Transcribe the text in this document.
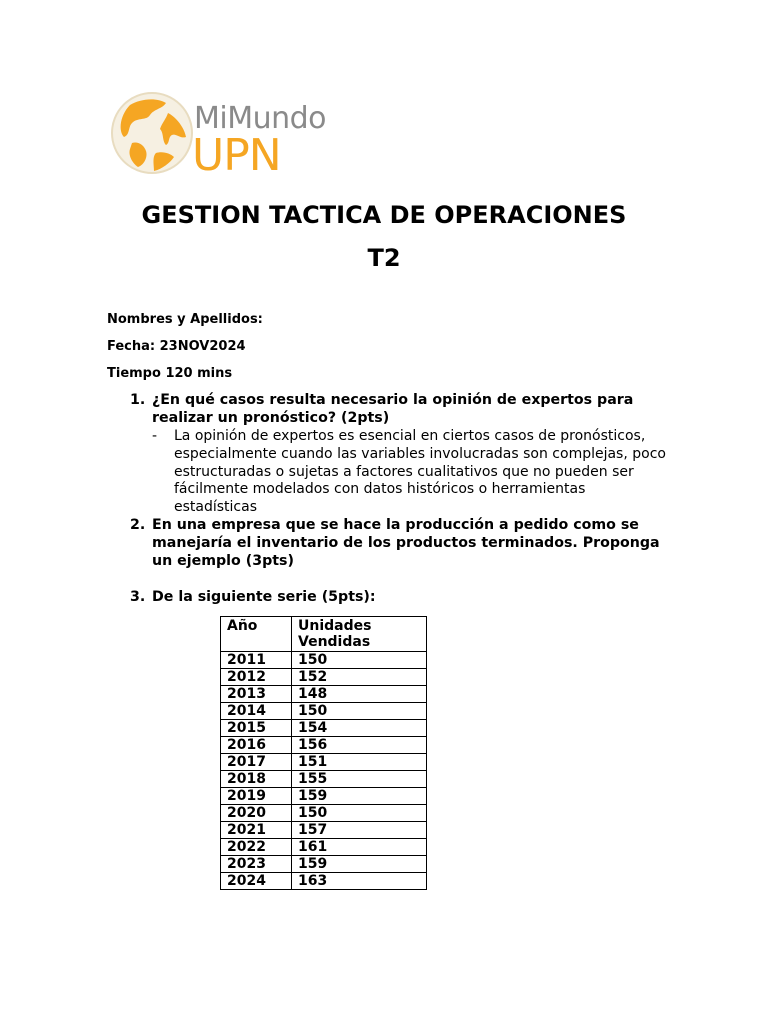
MiMundo
UPN
GESTION TACTICA DE OPERACIONES
T2
Nombres y Apellidos:
Fecha: 23NOV2024
Tiempo 120 mins
1. ¿En qué casos resulta necesario la opinión de expertos para
realizar un pronóstico? (2pts)
- La opinión de expertos es esencial en ciertos casos de pronósticos,
especialmente cuando las variables involucradas son complejas, poco
estructuradas o sujetas a factores cualitativos que no pueden ser
fácilmente modelados con datos históricos o herramientas
estadísticas
2. En una empresa que se hace la producción a pedido como se
manejaría el inventario de los productos terminados. Proponga
un ejemplo (3pts)
3. De la siguiente serie (5pts):
Año	Unidades
Vendidas
2011	150
2012	152
2013	148
2014	150
2015	154
2016	156
2017	151
2018	155
2019	159
2020	150
2021	157
2022	161
2023	159
2024	163
